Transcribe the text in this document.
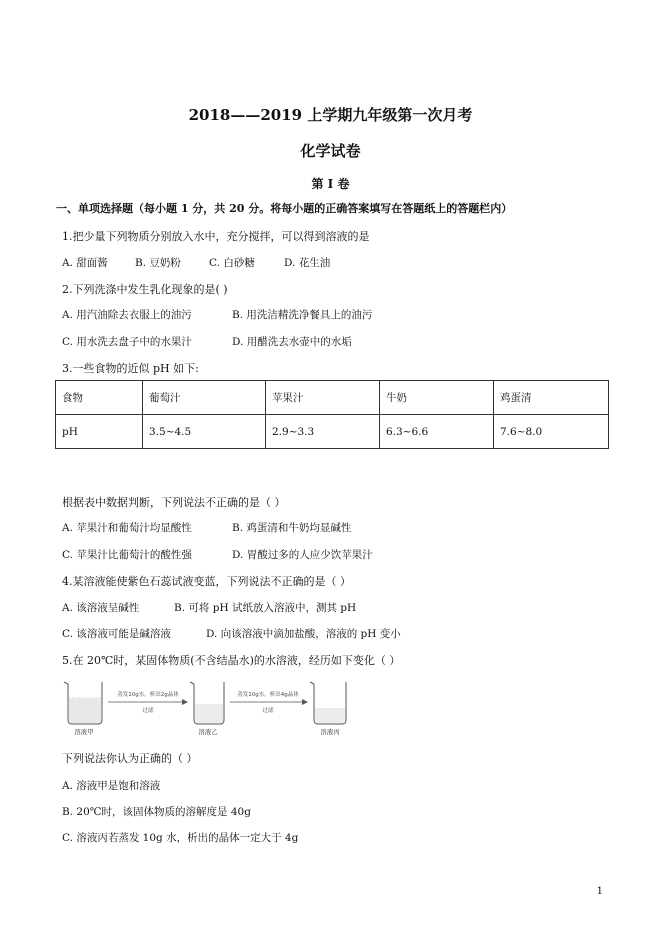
2018——2019 上学期九年级第一次月考
化学试卷
第 I 卷
一、单项选择题（每小题 1 分，共 20 分。将每小题的正确答案填写在答题纸上的答题栏内）
1.把少量下列物质分别放入水中，充分搅拌，可以得到溶液的是
A. 甜面酱	B. 豆奶粉	C. 白砂糖	D. 花生油
2.下列洗涤中发生乳化现象的是( )
A. 用汽油除去衣服上的油污	B. 用洗洁精洗净餐具上的油污
C. 用水洗去盘子中的水果汁	D. 用醋洗去水壶中的水垢
3.一些食物的近似 pH 如下:
食物	葡萄汁	苹果汁	牛奶	鸡蛋清
pH	3.5~4.5	2.9~3.3	6.3~6.6	7.6~8.0
根据表中数据判断，下列说法不正确的是（ ）
A. 苹果汁和葡萄汁均显酸性	B. 鸡蛋清和牛奶均显碱性
C. 苹果汁比葡萄汁的酸性强	D. 胃酸过多的人应少饮苹果汁
4.某溶液能使紫色石蕊试液变蓝，下列说法不正确的是（ ）
A. 该溶液呈碱性	B. 可将 pH 试纸放入溶液中，测其 pH
C. 该溶液可能是碱溶液	D. 向该溶液中滴加盐酸，溶液的 pH 变小
5.在 20℃时，某固体物质(不含结晶水)的水溶液，经历如下变化（ ）
溶液甲
蒸发10g水，析出2g晶体
过滤
溶液乙
蒸发10g水，析出4g晶体
过滤
溶液丙
下列说法你认为正确的（ ）
A. 溶液甲是饱和溶液
B. 20℃时，该固体物质的溶解度是 40g
C. 溶液丙若蒸发 10g 水，析出的晶体一定大于 4g
1
